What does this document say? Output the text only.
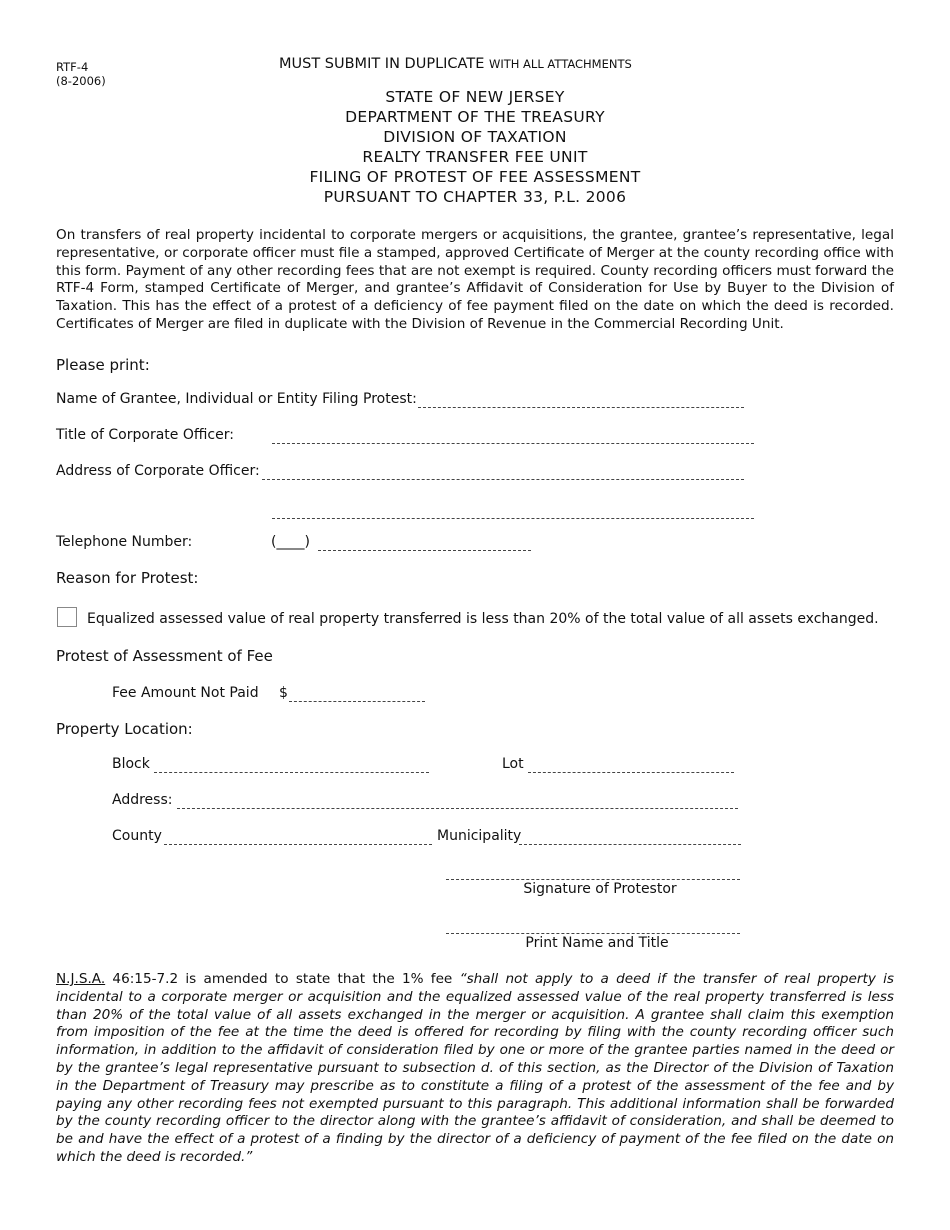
RTF-4
(8-2006)
MUST SUBMIT IN DUPLICATE WITH ALL ATTACHMENTS
STATE OF NEW JERSEY
DEPARTMENT OF THE TREASURY
DIVISION OF TAXATION
REALTY TRANSFER FEE UNIT
FILING OF PROTEST OF FEE ASSESSMENT
PURSUANT TO CHAPTER 33, P.L. 2006
On transfers of real property incidental to corporate mergers or acquisitions, the grantee, grantee’s representative, legal representative, or corporate officer must file a stamped, approved Certificate of Merger at the county recording office with this form. Payment of any other recording fees that are not exempt is required. County recording officers must forward the RTF-4 Form, stamped Certificate of Merger, and grantee’s Affidavit of Consideration for Use by Buyer to the Division of Taxation. This has the effect of a protest of a deficiency of fee payment filed on the date on which the deed is recorded. Certificates of Merger are filed in duplicate with the Division of Revenue in the Commercial Recording Unit.
Please print:
Name of Grantee, Individual or Entity Filing Protest:
Title of Corporate Officer:
Address of Corporate Officer:
Telephone Number:	(____)
Reason for Protest:
Equalized assessed value of real property transferred is less than 20% of the total value of all assets exchanged.
Protest of Assessment of Fee
Fee Amount Not Paid $
Property Location:
Block	Lot
Address:
County	Municipality
Signature of Protestor
Print Name and Title
N.J.S.A. 46:15-7.2 is amended to state that the 1% fee “shall not apply to a deed if the transfer of real property is incidental to a corporate merger or acquisition and the equalized assessed value of the real property transferred is less than 20% of the total value of all assets exchanged in the merger or acquisition. A grantee shall claim this exemption from imposition of the fee at the time the deed is offered for recording by filing with the county recording officer such information, in addition to the affidavit of consideration filed by one or more of the grantee parties named in the deed or by the grantee’s legal representative pursuant to subsection d. of this section, as the Director of the Division of Taxation in the Department of Treasury may prescribe as to constitute a filing of a protest of the assessment of the fee and by paying any other recording fees not exempted pursuant to this paragraph. This additional information shall be forwarded by the county recording officer to the director along with the grantee’s affidavit of consideration, and shall be deemed to be and have the effect of a protest of a finding by the director of a deficiency of payment of the fee filed on the date on which the deed is recorded.”
